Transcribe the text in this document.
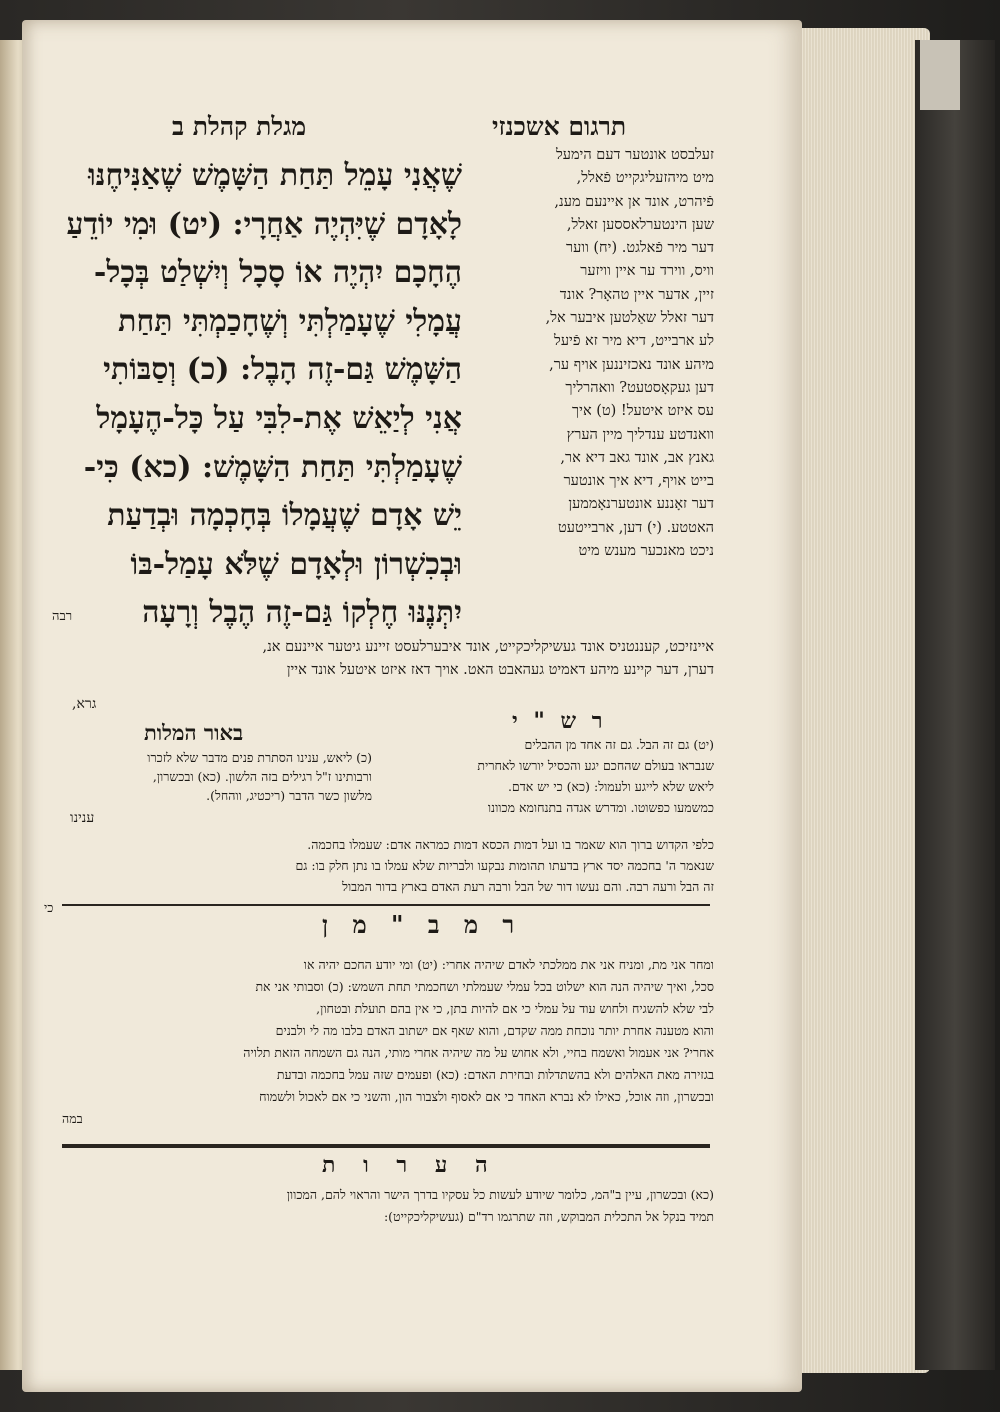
מגלת קהלת ב	תרגום אשכנזי
שֶׁאֲנִי עָמֵל תַּחַת הַשָּׁמֶשׁ שֶׁאַנִּיחֶנּוּ
לָאָדָם שֶׁיִּהְיֶה אַחֲרָי: (יט) וּמִי יוֹדֵעַ
הֶחָכָם יִהְיֶה אוֹ סָכָל וְיִשְׁלַט בְּכָל-
עֲמָלִי שֶׁעָמַלְתִּי וְשֶׁחָכַמְתִּי תַּחַת
הַשָּׁמֶשׁ גַּם-זֶה הָבֶל: (כ) וְסַבּוֹתִי
אֲנִי לְיַאֵשׁ אֶת-לִבִּי עַל כָּל-הֶעָמָל
שֶׁעָמַלְתִּי תַּחַת הַשָּׁמֶשׁ: (כא) כִּי-
יֵשׁ אָדָם שֶׁעֲמָלוֹ בְּחָכְמָה וּבְדַעַת
וּבְכִשְׁרוֹן וּלְאָדָם שֶׁלֹּא עָמַל-בּוֹ
יִתְּנֶנּוּ חֶלְקוֹ גַּם-זֶה הֶבֶל וְרָעָה
רבה
זעלבסט אונטער דעם הימעל
מיט מיהזעליגקייט פֿאלל,
פֿיהרט, אונד אן איינעם מענ,
שען הינטערלאססען זאלל,
דער מיר פֿאלגט. (יח) ווער
וויס, ווירד ער איין וויזער
זיין, אדער איין טהאָר? אונד
דער זאלל שאַלטען איבער אל,
לע ארבייט, דיא מיר זא פֿיעל
מיהע אונד נאכזיננען אויף ער,
דען געקאָסטעט? וואהרליך
עס איזט איטעל! (ט) איך
וואנדטע ענדליך מיין הערץ
גאנץ אב, אונד גאב דיא אר,
בייט אויף, דיא איך אונטער
דער זאָננע אונטערנאָממען
האטטע. (י) דען, ארבייטעט
ניכט מאנכער מענש מיט
איינזיכט, קעננטניס אונד געשיקליכקייט, אונד איבערלעסט זיינע גיטער איינעם אנ,
דערן, דער קיינע מיהע דאמיט געהאבט האט. אויך דאז איזט איטעל אונד איין
גרא,
באור המלות
(כ) ליאש, ענינו הסתרת פנים מדבר שלא לזכרו
ורבותינו ז"ל רגילים בזה הלשון. (כא) ובכשרון,
מלשון כשר הדבר (ריכטיג, ווהחל).
ענינו
ר ש " י
(יט) גם זה הבל. גם זה אחד מן ההבלים
שנבראו בעולם שהחכם יגע והכסיל יורשו לאחרית
ליאש שלא לייגע ולעמול: (כא) כי יש אדם.
כמשמעו כפשוטו. ומדרש אגדה בתנחומא מכוונו
כלפי הקדוש ברוך הוא שאמר בו ועל דמות הכסא דמות כמראה אדם: שעמלו בחכמה.
שנאמר ה' בחכמה יסד ארץ בדעתו תהומות נבקעו ולבריות שלא עמלו בו נתן חלק בו: גם
זה הבל ורעה רבה. והם נעשו דור של הבל ורבה רעת האדם בארץ בדור המבול
כי
ר מ ב " מ ן
ומחר אני מת, ומניח אני את ממלכתי לאדם שיהיה אחרי: (יט) ומי יודע החכם יהיה או
סכל, ואיך שיהיה הנה הוא ישלוט בכל עמלי שעמלתי ושחכמתי תחת השמש: (כ) וסבותי אני את
לבי שלא להשגיח ולחוש עוד על עמלי כי אם להיות בתן, כי אין בהם תועלת ובטחון,
והוא מטענה אחרת יותר נוכחת ממה שקדם, והוא שאף אם ישתוב האדם בלבו מה לי ולבנים
אחרי? אני אעמול ואשמח בחיי, ולא אחוש על מה שיהיה אחרי מותי, הנה גם השמחה הזאת תלויה
בגזירה מאת האלהים ולא בהשתדלות ובחירת האדם: (כא) ופעמים שזה עמל בחכמה ובדעת
ובכשרון, וזה אוכל, כאילו לא נברא האחד כי אם לאסוף ולצבור הון, והשני כי אם לאכול ולשמוח
במה
ה ע ר ו ת
(כא) ובכשרון, עיין ב"המ, כלומר שיודע לעשות כל עסקיו בדרך הישר והראוי להם, המכוון
תמיד בנקל אל התכלית המבוקש, וזה שתרגמו רד"ם (געשיקליכקייט):
